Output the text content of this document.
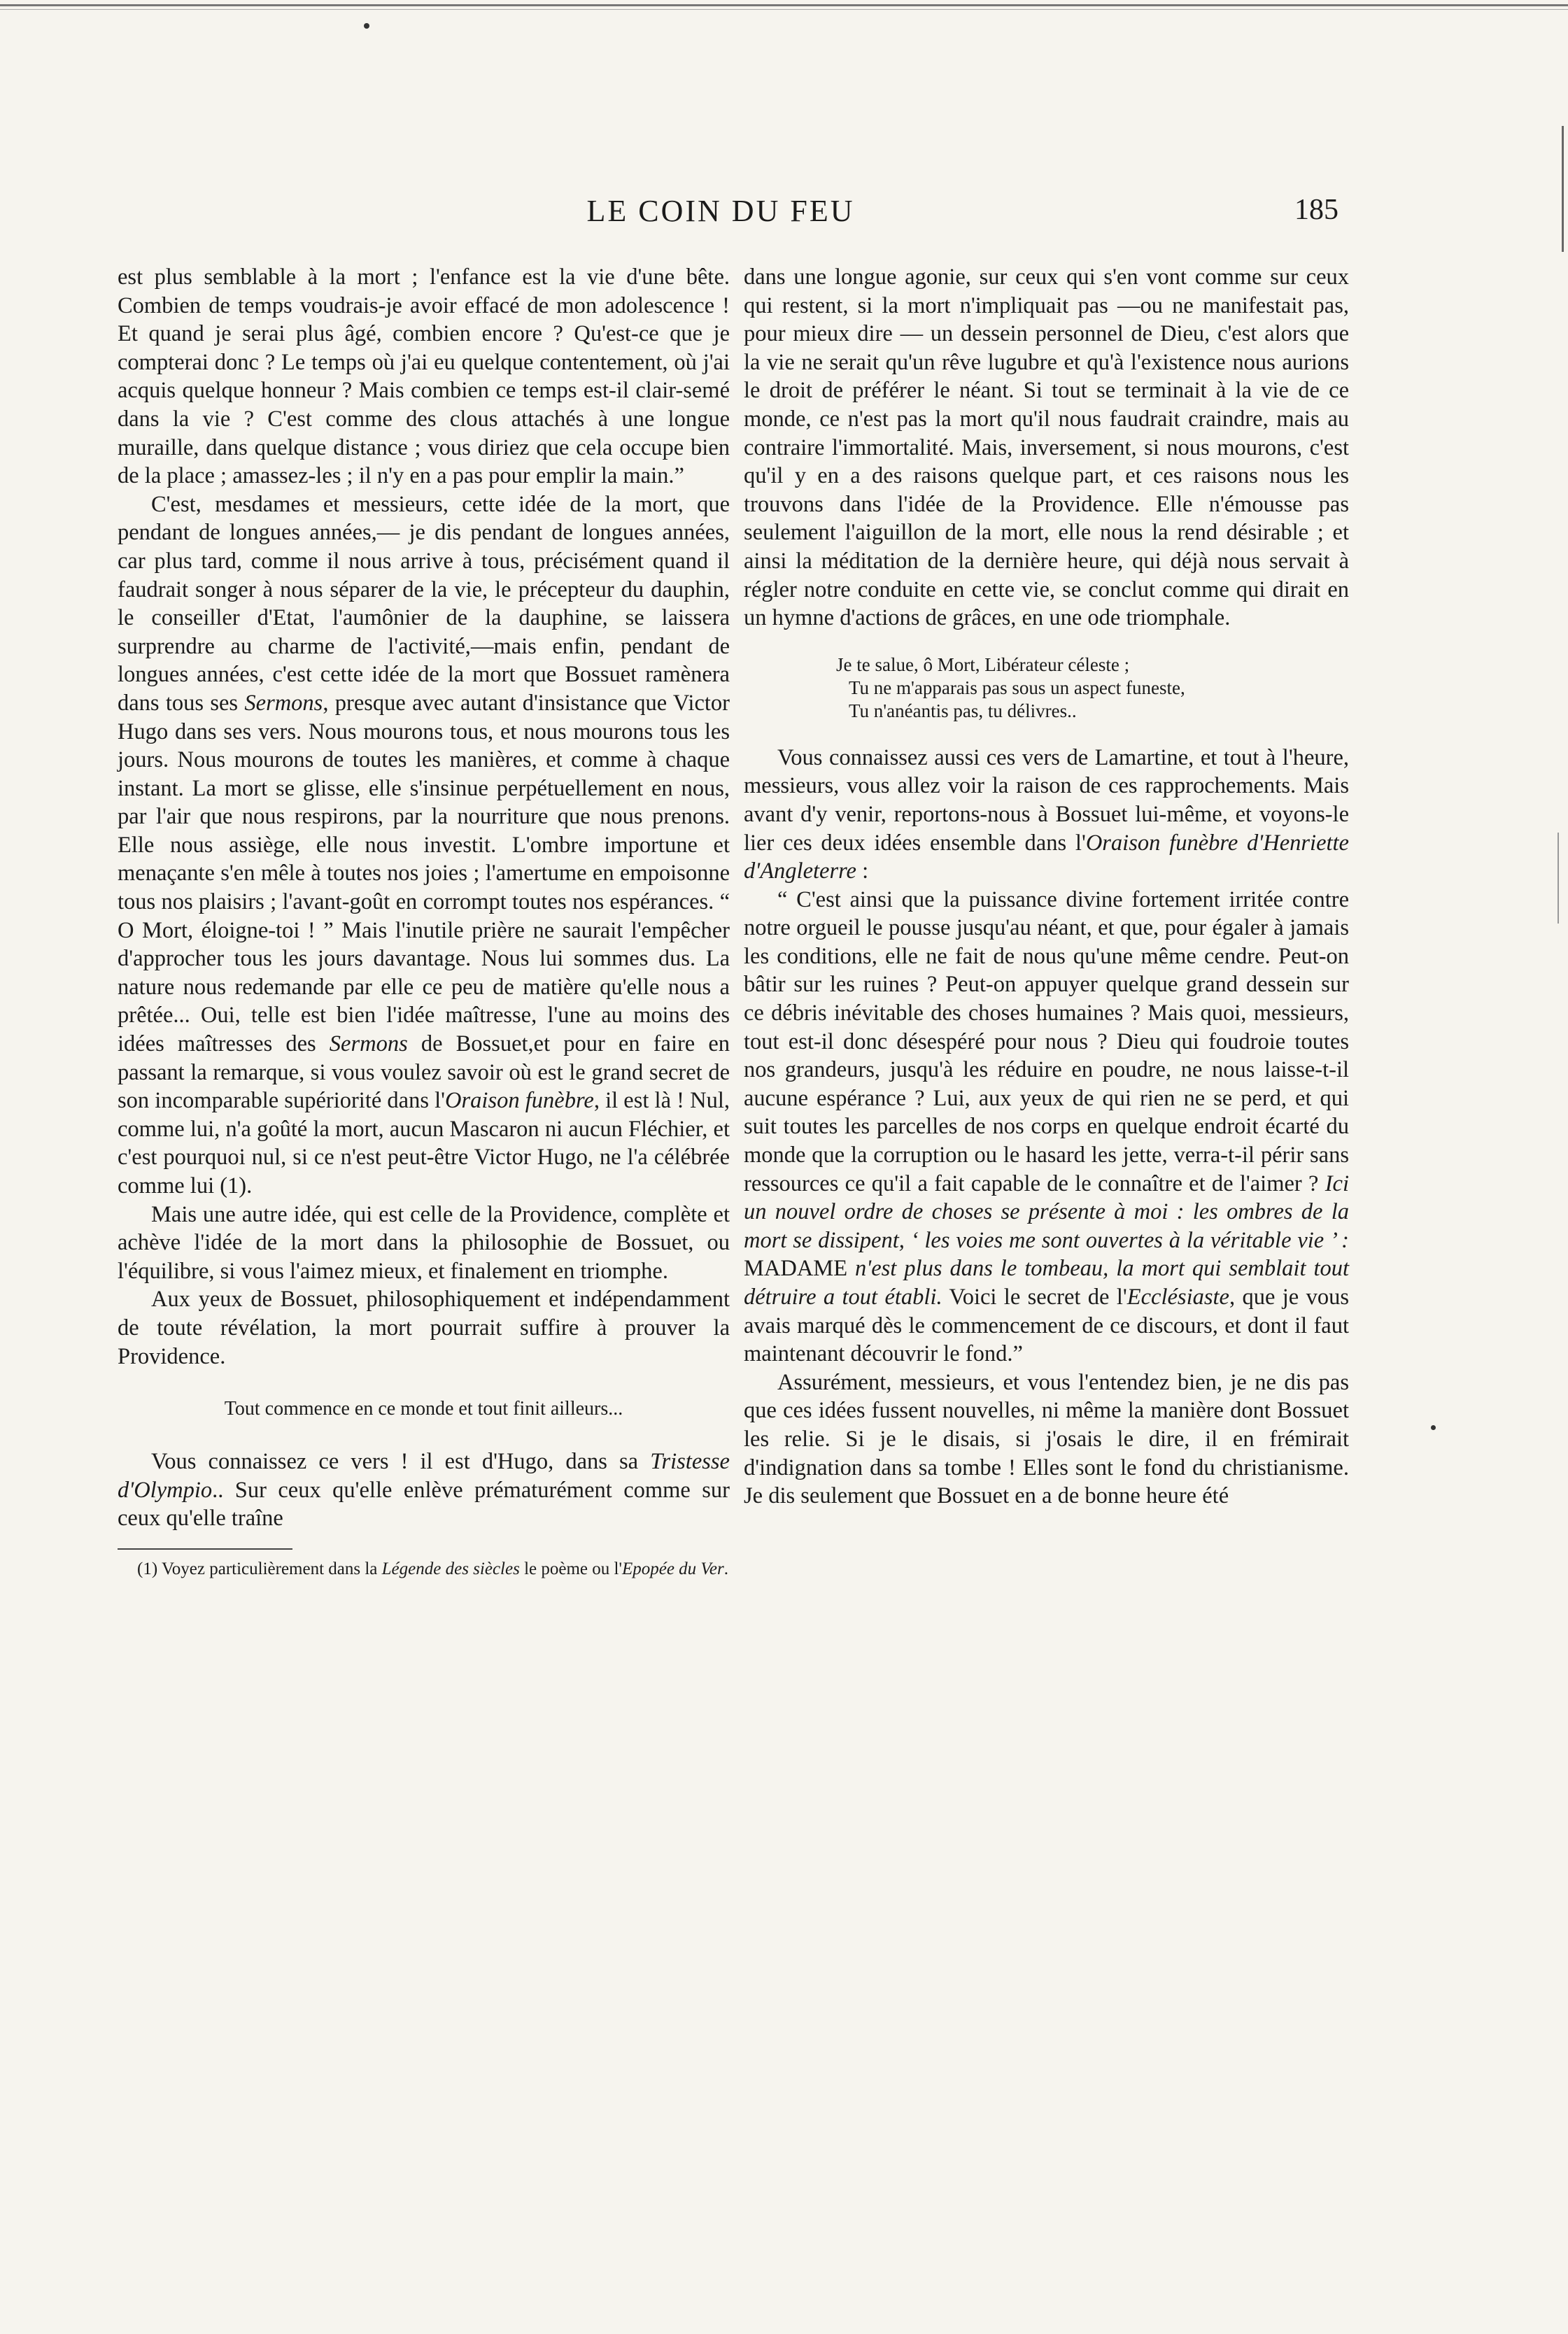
LE COIN DU FEU	185

est plus semblable à la mort ; l'enfance est la vie d'une bête. Combien de temps voudrais-je avoir effacé de mon adolescence ! Et quand je serai plus âgé, combien encore ? Qu'est-ce que je compterai donc ? Le temps où j'ai eu quelque contentement, où j'ai acquis quelque honneur ? Mais combien ce temps est-il clair-semé dans la vie ? C'est comme des clous attachés à une longue muraille, dans quelque distance ; vous diriez que cela occupe bien de la place ; amassez-les ; il n'y en a pas pour emplir la main.”

C'est, mesdames et messieurs, cette idée de la mort, que pendant de longues années,— je dis pendant de longues années, car plus tard, comme il nous arrive à tous, précisément quand il faudrait songer à nous séparer de la vie, le précepteur du dauphin, le conseiller d'Etat, l'aumônier de la dauphine, se laissera surprendre au charme de l'activité,—mais enfin, pendant de longues années, c'est cette idée de la mort que Bossuet ramènera dans tous ses Sermons, presque avec autant d'insistance que Victor Hugo dans ses vers. Nous mourons tous, et nous mourons tous les jours. Nous mourons de toutes les manières, et comme à chaque instant. La mort se glisse, elle s'insinue perpétuellement en nous, par l'air que nous respirons, par la nourriture que nous prenons. Elle nous assiège, elle nous investit. L'ombre importune et menaçante s'en mêle à toutes nos joies ; l'amertume en empoisonne tous nos plaisirs ; l'avant-goût en corrompt toutes nos espérances. “ O Mort, éloigne-toi ! ” Mais l'inutile prière ne saurait l'empêcher d'approcher tous les jours davantage. Nous lui sommes dus. La nature nous redemande par elle ce peu de matière qu'elle nous a prêtée... Oui, telle est bien l'idée maîtresse, l'une au moins des idées maîtresses des Sermons de Bossuet,et pour en faire en passant la remarque, si vous voulez savoir où est le grand secret de son incomparable supériorité dans l'Oraison funèbre, il est là ! Nul, comme lui, n'a goûté la mort, aucun Mascaron ni aucun Fléchier, et c'est pourquoi nul, si ce n'est peut-être Victor Hugo, ne l'a célébrée comme lui (1).

Mais une autre idée, qui est celle de la Providence, complète et achève l'idée de la mort dans la philosophie de Bossuet, ou l'équilibre, si vous l'aimez mieux, et finalement en triomphe.

Aux yeux de Bossuet, philosophiquement et indépendamment de toute révélation, la mort pourrait suffire à prouver la Providence.

Tout commence en ce monde et tout finit ailleurs...

Vous connaissez ce vers ! il est d'Hugo, dans sa Tristesse d'Olympio.. Sur ceux qu'elle enlève prématurément comme sur ceux qu'elle traîne

(1) Voyez particulièrement dans la Légende des siècles le poème ou l'Epopée du Ver.

dans une longue agonie, sur ceux qui s'en vont comme sur ceux qui restent, si la mort n'impliquait pas —ou ne manifestait pas, pour mieux dire — un dessein personnel de Dieu, c'est alors que la vie ne serait qu'un rêve lugubre et qu'à l'existence nous aurions le droit de préférer le néant. Si tout se terminait à la vie de ce monde, ce n'est pas la mort qu'il nous faudrait craindre, mais au contraire l'immortalité. Mais, inversement, si nous mourons, c'est qu'il y en a des raisons quelque part, et ces raisons nous les trouvons dans l'idée de la Providence. Elle n'émousse pas seulement l'aiguillon de la mort, elle nous la rend désirable ; et ainsi la méditation de la dernière heure, qui déjà nous servait à régler notre conduite en cette vie, se conclut comme qui dirait en un hymne d'actions de grâces, en une ode triomphale.

Je te salue, ô Mort, Libérateur céleste ;

Tu ne m'apparais pas sous un aspect funeste,

Tu n'anéantis pas, tu délivres..

Vous connaissez aussi ces vers de Lamartine, et tout à l'heure, messieurs, vous allez voir la raison de ces rapprochements. Mais avant d'y venir, reportons-nous à Bossuet lui-même, et voyons-le lier ces deux idées ensemble dans l'Oraison funèbre d'Henriette d'Angleterre :

“ C'est ainsi que la puissance divine fortement irritée contre notre orgueil le pousse jusqu'au néant, et que, pour égaler à jamais les conditions, elle ne fait de nous qu'une même cendre. Peut-on bâtir sur les ruines ? Peut-on appuyer quelque grand dessein sur ce débris inévitable des choses humaines ? Mais quoi, messieurs, tout est-il donc désespéré pour nous ? Dieu qui foudroie toutes nos grandeurs, jusqu'à les réduire en poudre, ne nous laisse-t-il aucune espérance ? Lui, aux yeux de qui rien ne se perd, et qui suit toutes les parcelles de nos corps en quelque endroit écarté du monde que la corruption ou le hasard les jette, verra-t-il périr sans ressources ce qu'il a fait capable de le connaître et de l'aimer ? Ici un nouvel ordre de choses se présente à moi : les ombres de la mort se dissipent, ‘ les voies me sont ouvertes à la véritable vie ’ : MADAME n'est plus dans le tombeau, la mort qui semblait tout détruire a tout établi. Voici le secret de l'Ecclésiaste, que je vous avais marqué dès le commencement de ce discours, et dont il faut maintenant découvrir le fond.”

Assurément, messieurs, et vous l'entendez bien, je ne dis pas que ces idées fussent nouvelles, ni même la manière dont Bossuet les relie. Si je le disais, si j'osais le dire, il en frémirait d'indignation dans sa tombe ! Elles sont le fond du christianisme. Je dis seulement que Bossuet en a de bonne heure été
